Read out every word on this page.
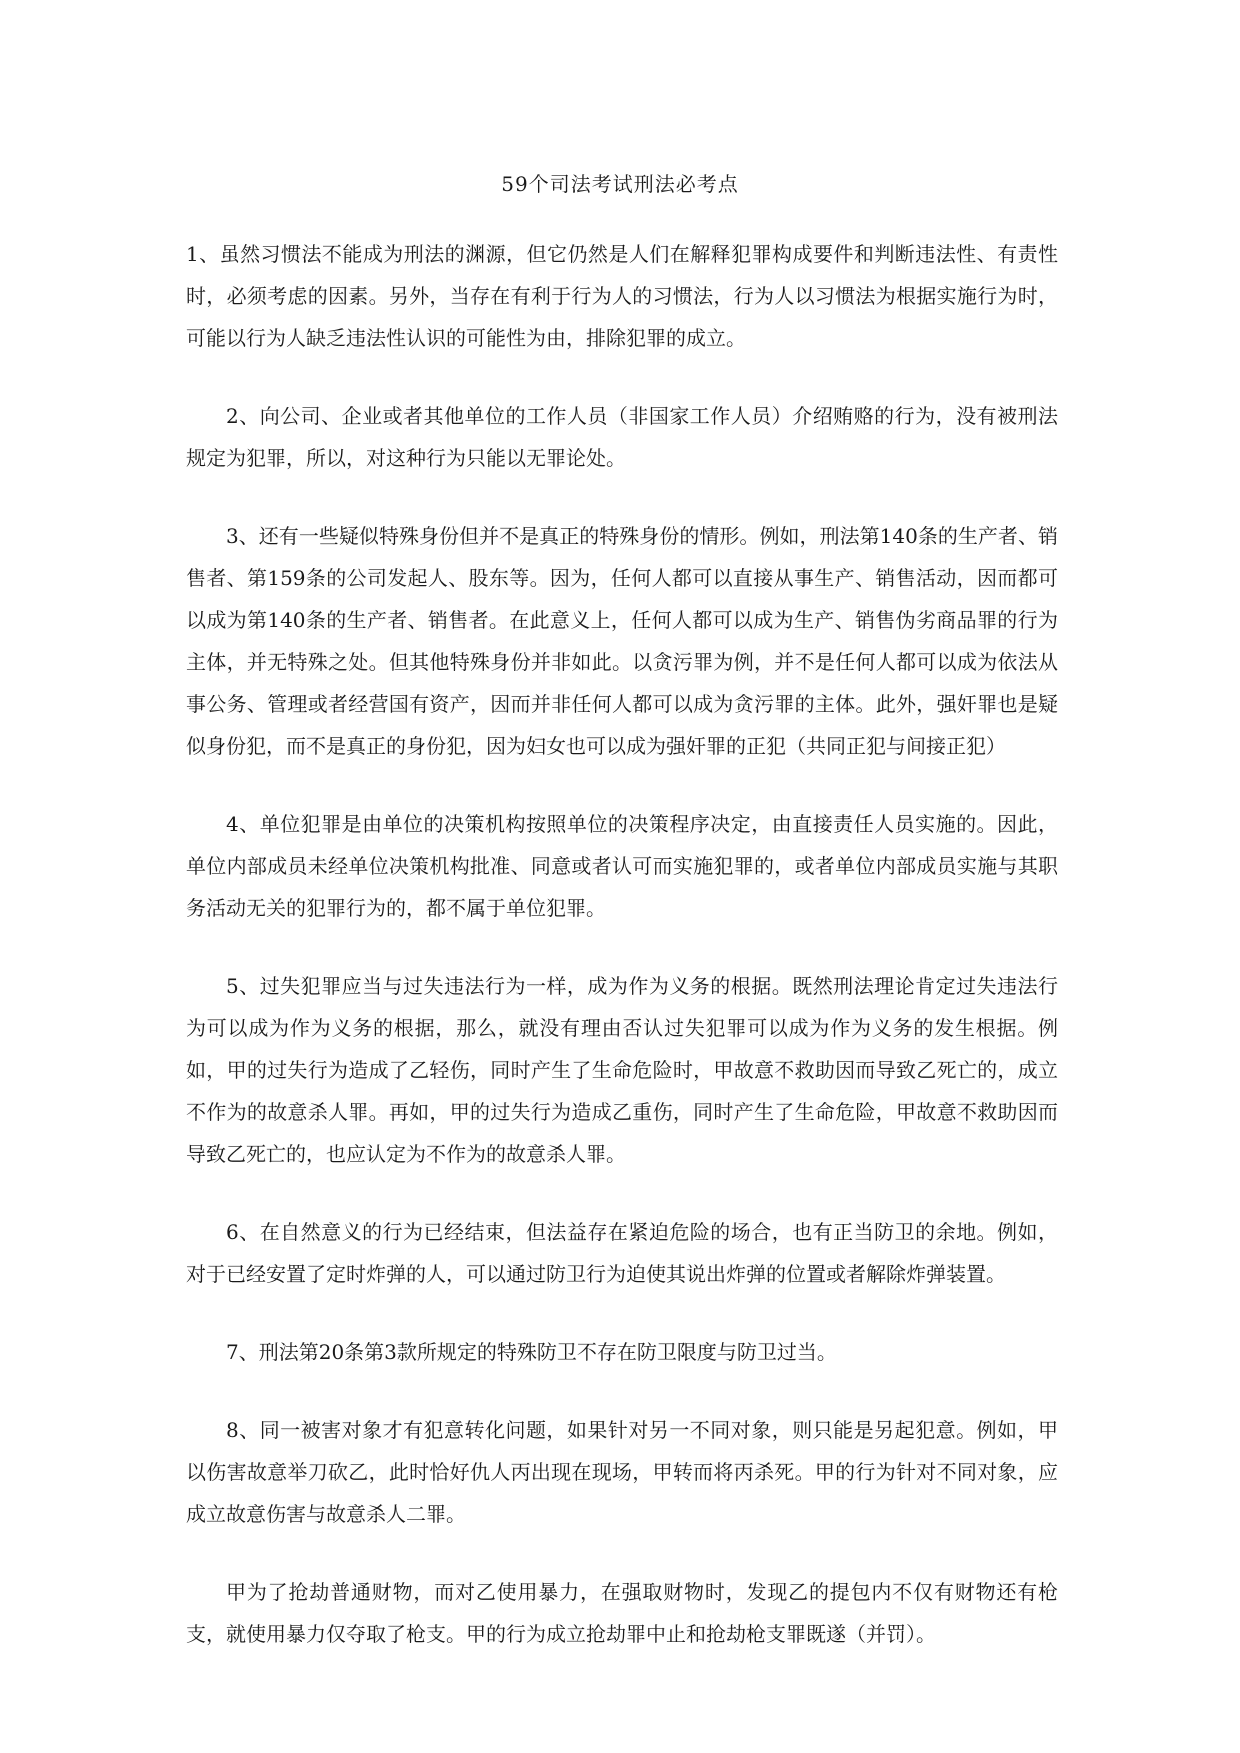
59个司法考试刑法必考点

1、虽然习惯法不能成为刑法的渊源，但它仍然是人们在解释犯罪构成要件和判断违法性、有责性时，必须考虑的因素。另外，当存在有利于行为人的习惯法，行为人以习惯法为根据实施行为时，可能以行为人缺乏违法性认识的可能性为由，排除犯罪的成立。

2、向公司、企业或者其他单位的工作人员（非国家工作人员）介绍贿赂的行为，没有被刑法规定为犯罪，所以，对这种行为只能以无罪论处。

3、还有一些疑似特殊身份但并不是真正的特殊身份的情形。例如，刑法第140条的生产者、销售者、第159条的公司发起人、股东等。因为，任何人都可以直接从事生产、销售活动，因而都可以成为第140条的生产者、销售者。在此意义上，任何人都可以成为生产、销售伪劣商品罪的行为主体，并无特殊之处。但其他特殊身份并非如此。以贪污罪为例，并不是任何人都可以成为依法从事公务、管理或者经营国有资产，因而并非任何人都可以成为贪污罪的主体。此外，强奸罪也是疑似身份犯，而不是真正的身份犯，因为妇女也可以成为强奸罪的正犯（共同正犯与间接正犯）

4、单位犯罪是由单位的决策机构按照单位的决策程序决定，由直接责任人员实施的。因此，单位内部成员未经单位决策机构批准、同意或者认可而实施犯罪的，或者单位内部成员实施与其职务活动无关的犯罪行为的，都不属于单位犯罪。

5、过失犯罪应当与过失违法行为一样，成为作为义务的根据。既然刑法理论肯定过失违法行为可以成为作为义务的根据，那么，就没有理由否认过失犯罪可以成为作为义务的发生根据。例如，甲的过失行为造成了乙轻伤，同时产生了生命危险时，甲故意不救助因而导致乙死亡的，成立不作为的故意杀人罪。再如，甲的过失行为造成乙重伤，同时产生了生命危险，甲故意不救助因而导致乙死亡的，也应认定为不作为的故意杀人罪。

6、在自然意义的行为已经结束，但法益存在紧迫危险的场合，也有正当防卫的余地。例如，对于已经安置了定时炸弹的人，可以通过防卫行为迫使其说出炸弹的位置或者解除炸弹装置。

7、刑法第20条第3款所规定的特殊防卫不存在防卫限度与防卫过当。

8、同一被害对象才有犯意转化问题，如果针对另一不同对象，则只能是另起犯意。例如，甲以伤害故意举刀砍乙，此时恰好仇人丙出现在现场，甲转而将丙杀死。甲的行为针对不同对象，应成立故意伤害与故意杀人二罪。

甲为了抢劫普通财物，而对乙使用暴力，在强取财物时，发现乙的提包内不仅有财物还有枪支，就使用暴力仅夺取了枪支。甲的行为成立抢劫罪中止和抢劫枪支罪既遂（并罚）。
